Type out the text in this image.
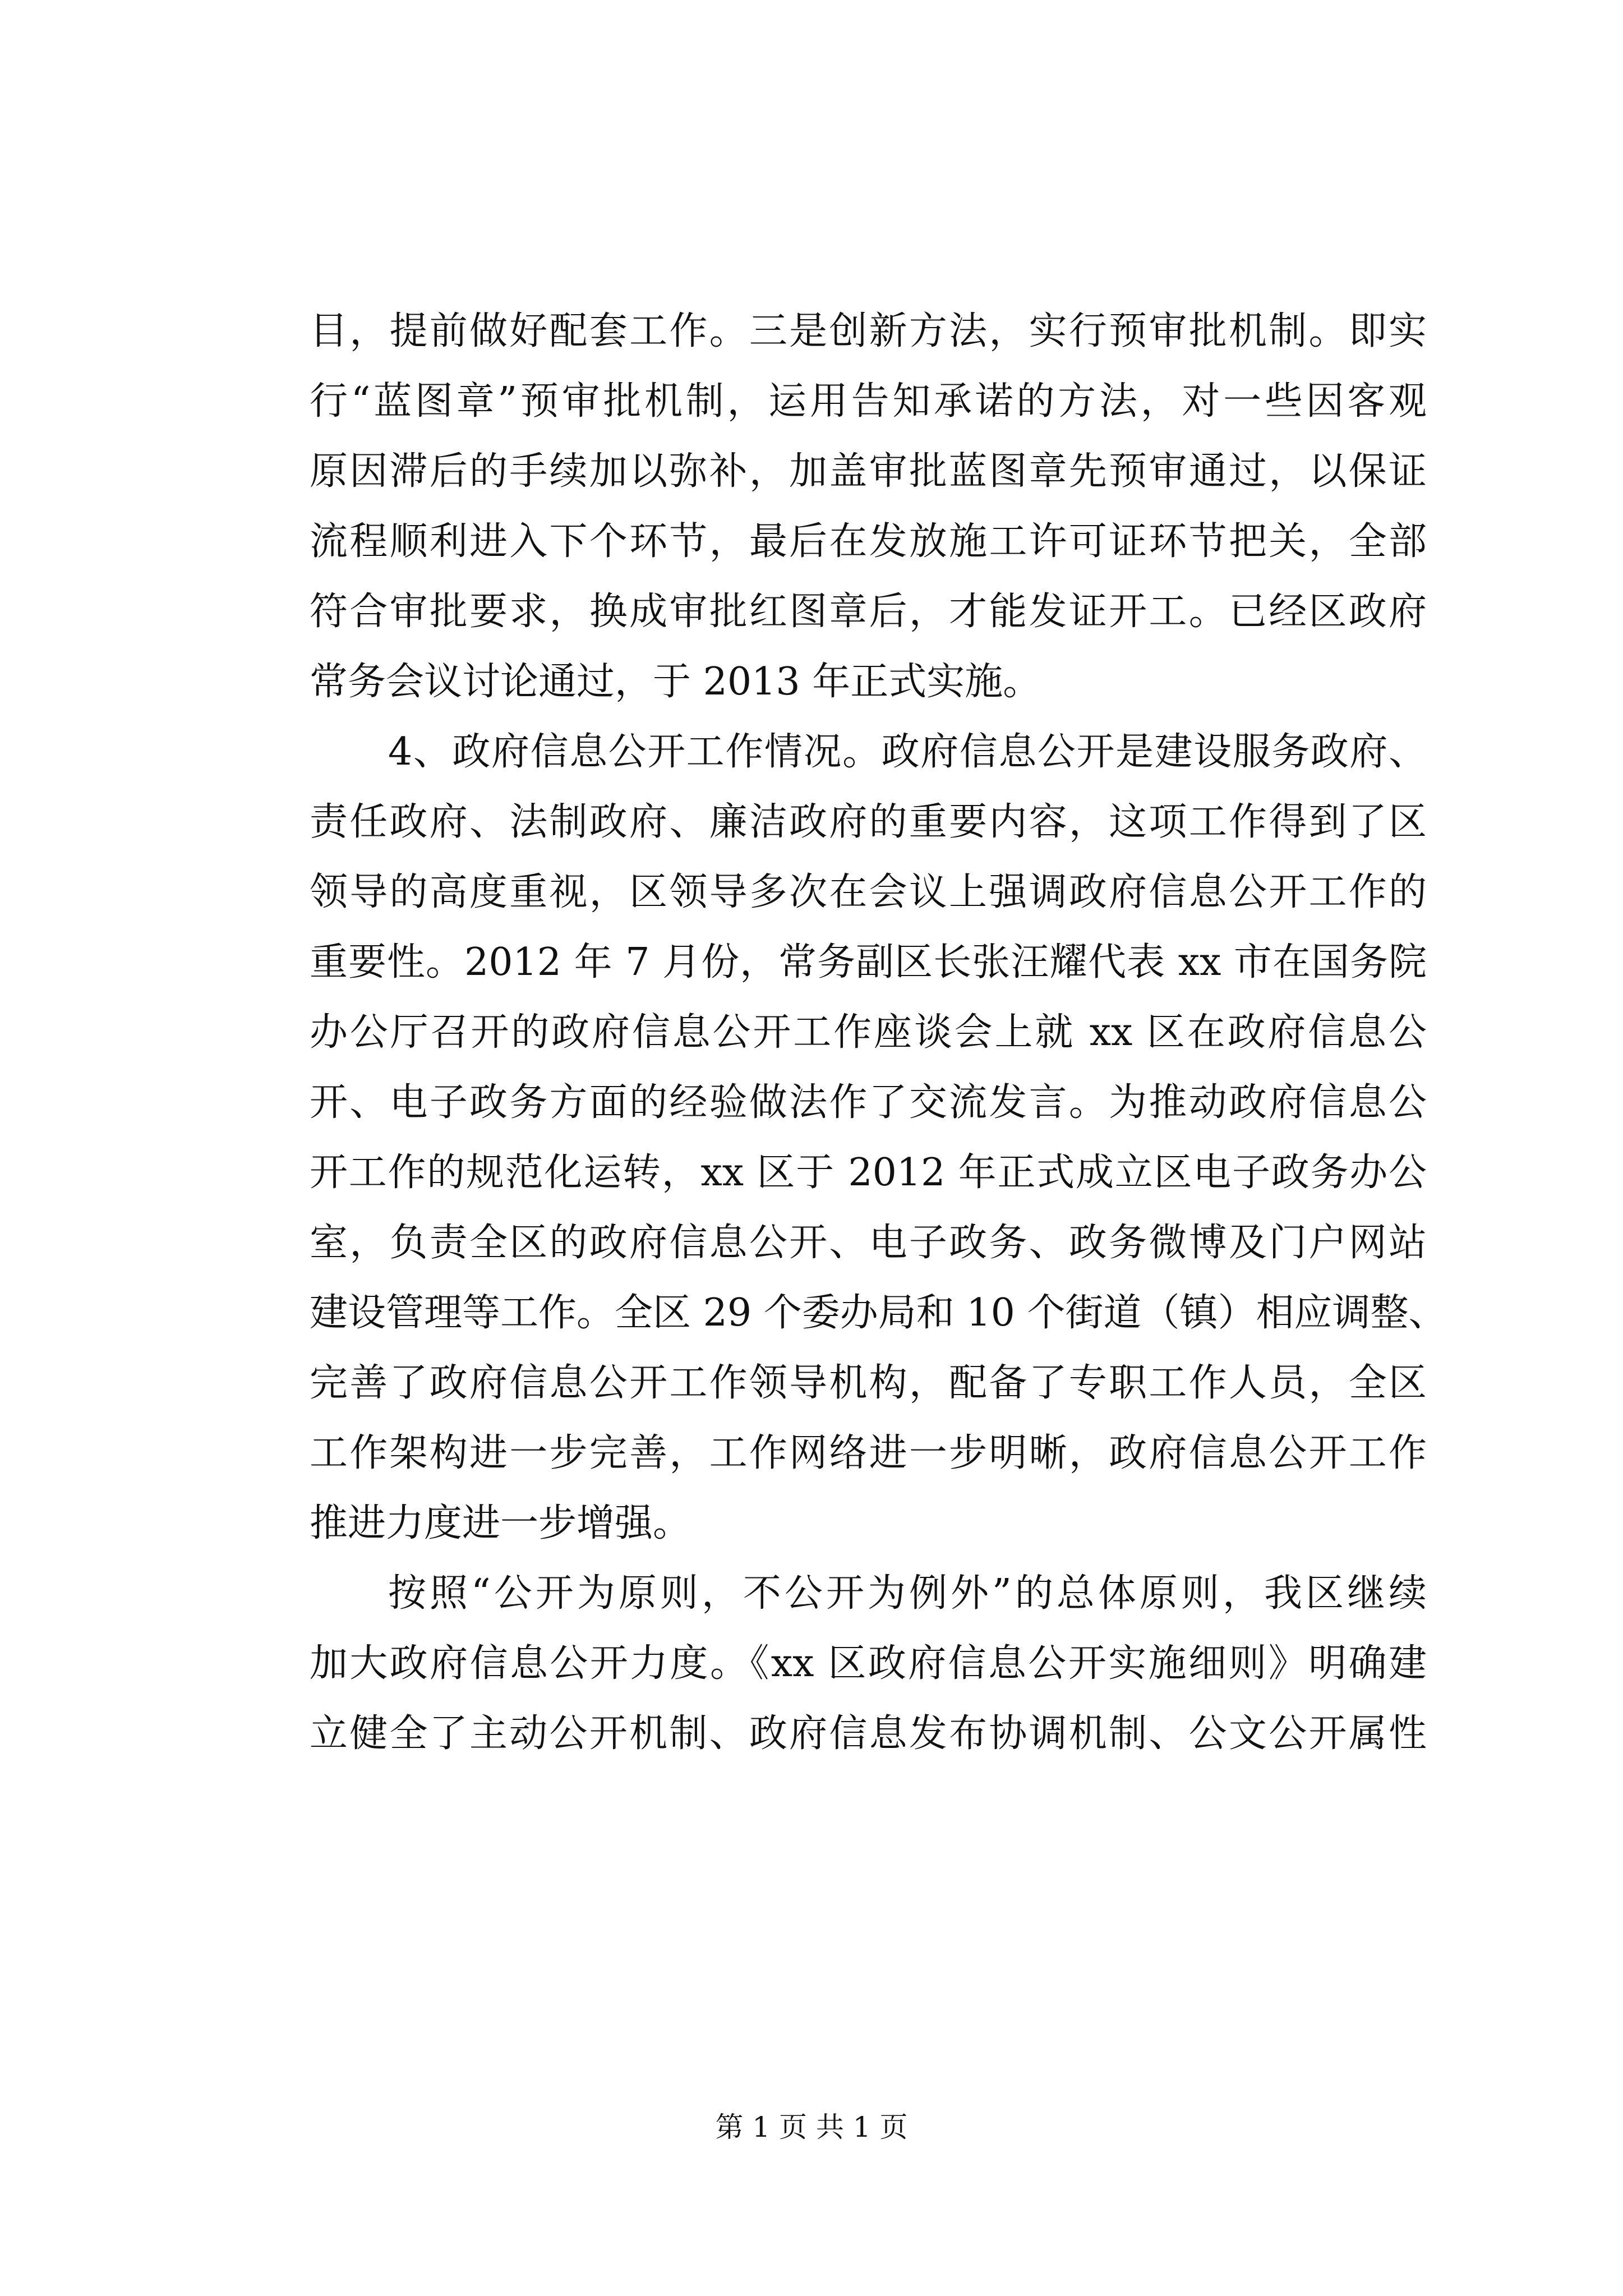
目，提前做好配套工作。三是创新方法，实行预审批机制。即实
行“蓝图章”预审批机制，运用告知承诺的方法，对一些因客观
原因滞后的手续加以弥补，加盖审批蓝图章先预审通过，以保证
流程顺利进入下个环节，最后在发放施工许可证环节把关，全部
符合审批要求，换成审批红图章后，才能发证开工。已经区政府
常务会议讨论通过，于 2013 年正式实施。
4、政府信息公开工作情况。政府信息公开是建设服务政府、
责任政府、法制政府、廉洁政府的重要内容，这项工作得到了区
领导的高度重视，区领导多次在会议上强调政府信息公开工作的
重要性。2012 年 7 月份，常务副区长张汪耀代表 xx 市在国务院
办公厅召开的政府信息公开工作座谈会上就 xx 区在政府信息公
开、电子政务方面的经验做法作了交流发言。为推动政府信息公
开工作的规范化运转，xx 区于 2012 年正式成立区电子政务办公
室，负责全区的政府信息公开、电子政务、政务微博及门户网站
建设管理等工作。全区 29 个委办局和 10 个街道（镇）相应调整、
完善了政府信息公开工作领导机构，配备了专职工作人员，全区
工作架构进一步完善，工作网络进一步明晰，政府信息公开工作
推进力度进一步增强。
按照“公开为原则，不公开为例外”的总体原则，我区继续
加大政府信息公开力度。《xx 区政府信息公开实施细则》明确建
立健全了主动公开机制、政府信息发布协调机制、公文公开属性
第 1 页 共 1 页
